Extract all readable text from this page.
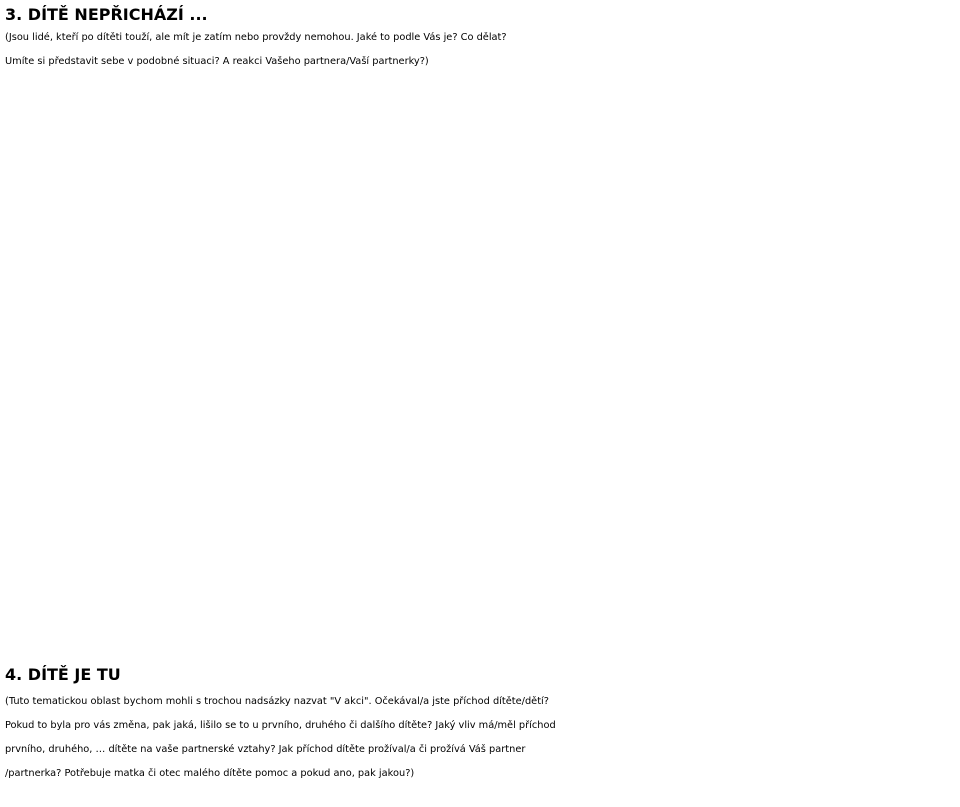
3. DÍTĚ NEPŘICHÁZÍ ...
(Jsou lidé, kteří po dítěti touží, ale mít je zatím nebo provždy nemohou. Jaké to podle Vás je? Co dělat?
Umíte si představit sebe v podobné situaci? A reakci Vašeho partnera/Vaší partnerky?)
4. DÍTĚ JE TU
(Tuto tematickou oblast bychom mohli s trochou nadsázky nazvat "V akci". Očekával/a jste příchod dítěte/dětí?
Pokud to byla pro vás změna, pak jaká, lišilo se to u prvního, druhého či dalšího dítěte? Jaký vliv má/měl příchod
prvního, druhého, … dítěte na vaše partnerské vztahy? Jak příchod dítěte prožíval/a či prožívá Váš partner
/partnerka? Potřebuje matka či otec malého dítěte pomoc a pokud ano, pak jakou?)
